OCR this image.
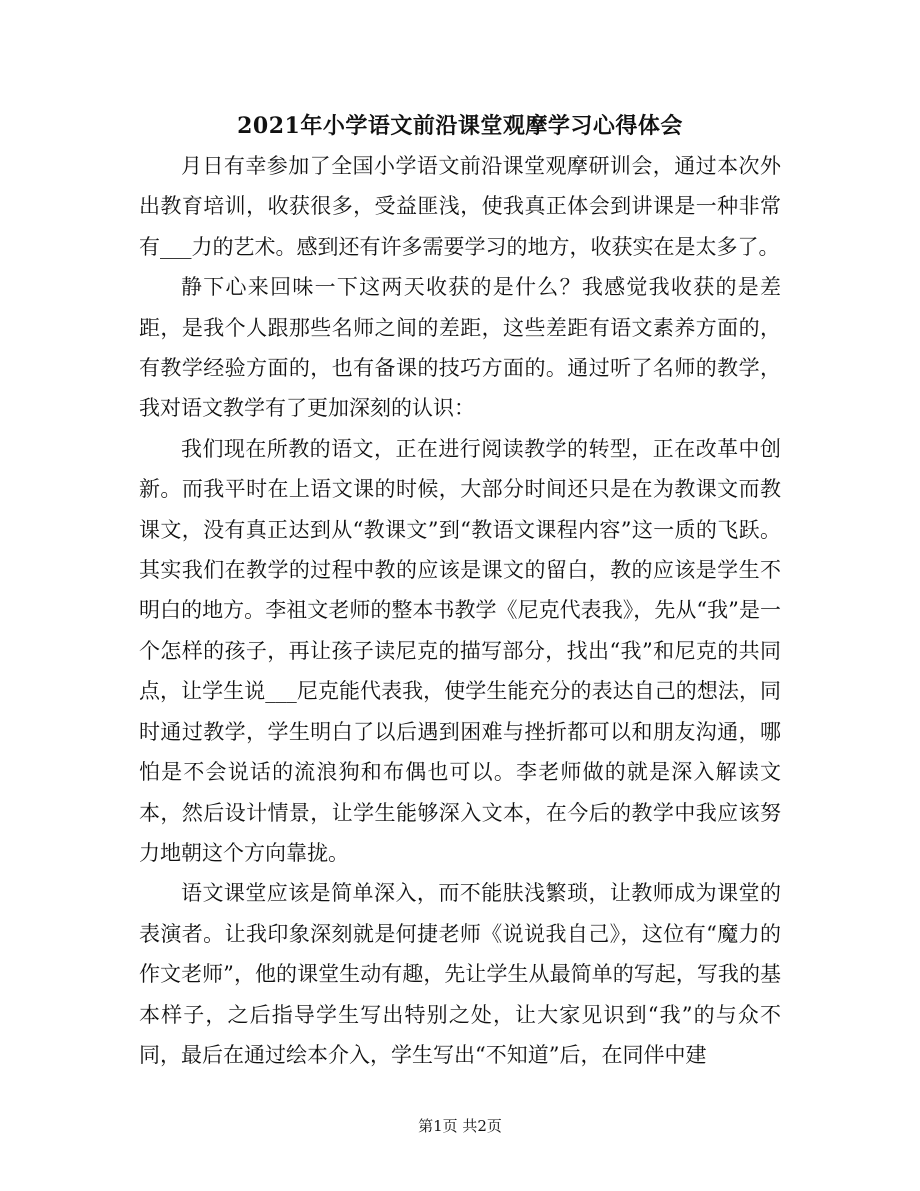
2021年小学语文前沿课堂观摩学习心得体会

月日有幸参加了全国小学语文前沿课堂观摩研训会，通过本次外出教育培训，收获很多，受益匪浅，使我真正体会到讲课是一种非常有___力的艺术。感到还有许多需要学习的地方，收获实在是太多了。

静下心来回味一下这两天收获的是什么？我感觉我收获的是差距，是我个人跟那些名师之间的差距，这些差距有语文素养方面的，有教学经验方面的，也有备课的技巧方面的。通过听了名师的教学，我对语文教学有了更加深刻的认识：

我们现在所教的语文，正在进行阅读教学的转型，正在改革中创新。而我平时在上语文课的时候，大部分时间还只是在为教课文而教课文，没有真正达到从“教课文”到“教语文课程内容”这一质的飞跃。其实我们在教学的过程中教的应该是课文的留白，教的应该是学生不明白的地方。李祖文老师的整本书教学《尼克代表我》，先从“我”是一个怎样的孩子，再让孩子读尼克的描写部分，找出“我”和尼克的共同点，让学生说___尼克能代表我，使学生能充分的表达自己的想法，同时通过教学，学生明白了以后遇到困难与挫折都可以和朋友沟通，哪怕是不会说话的流浪狗和布偶也可以。李老师做的就是深入解读文本，然后设计情景，让学生能够深入文本，在今后的教学中我应该努力地朝这个方向靠拢。

语文课堂应该是简单深入，而不能肤浅繁琐，让教师成为课堂的表演者。让我印象深刻就是何捷老师《说说我自己》，这位有“魔力的作文老师”，他的课堂生动有趣，先让学生从最简单的写起，写我的基本样子，之后指导学生写出特别之处，让大家见识到“我”的与众不同，最后在通过绘本介入，学生写出“不知道”后，在同伴中建

第1页 共2页
